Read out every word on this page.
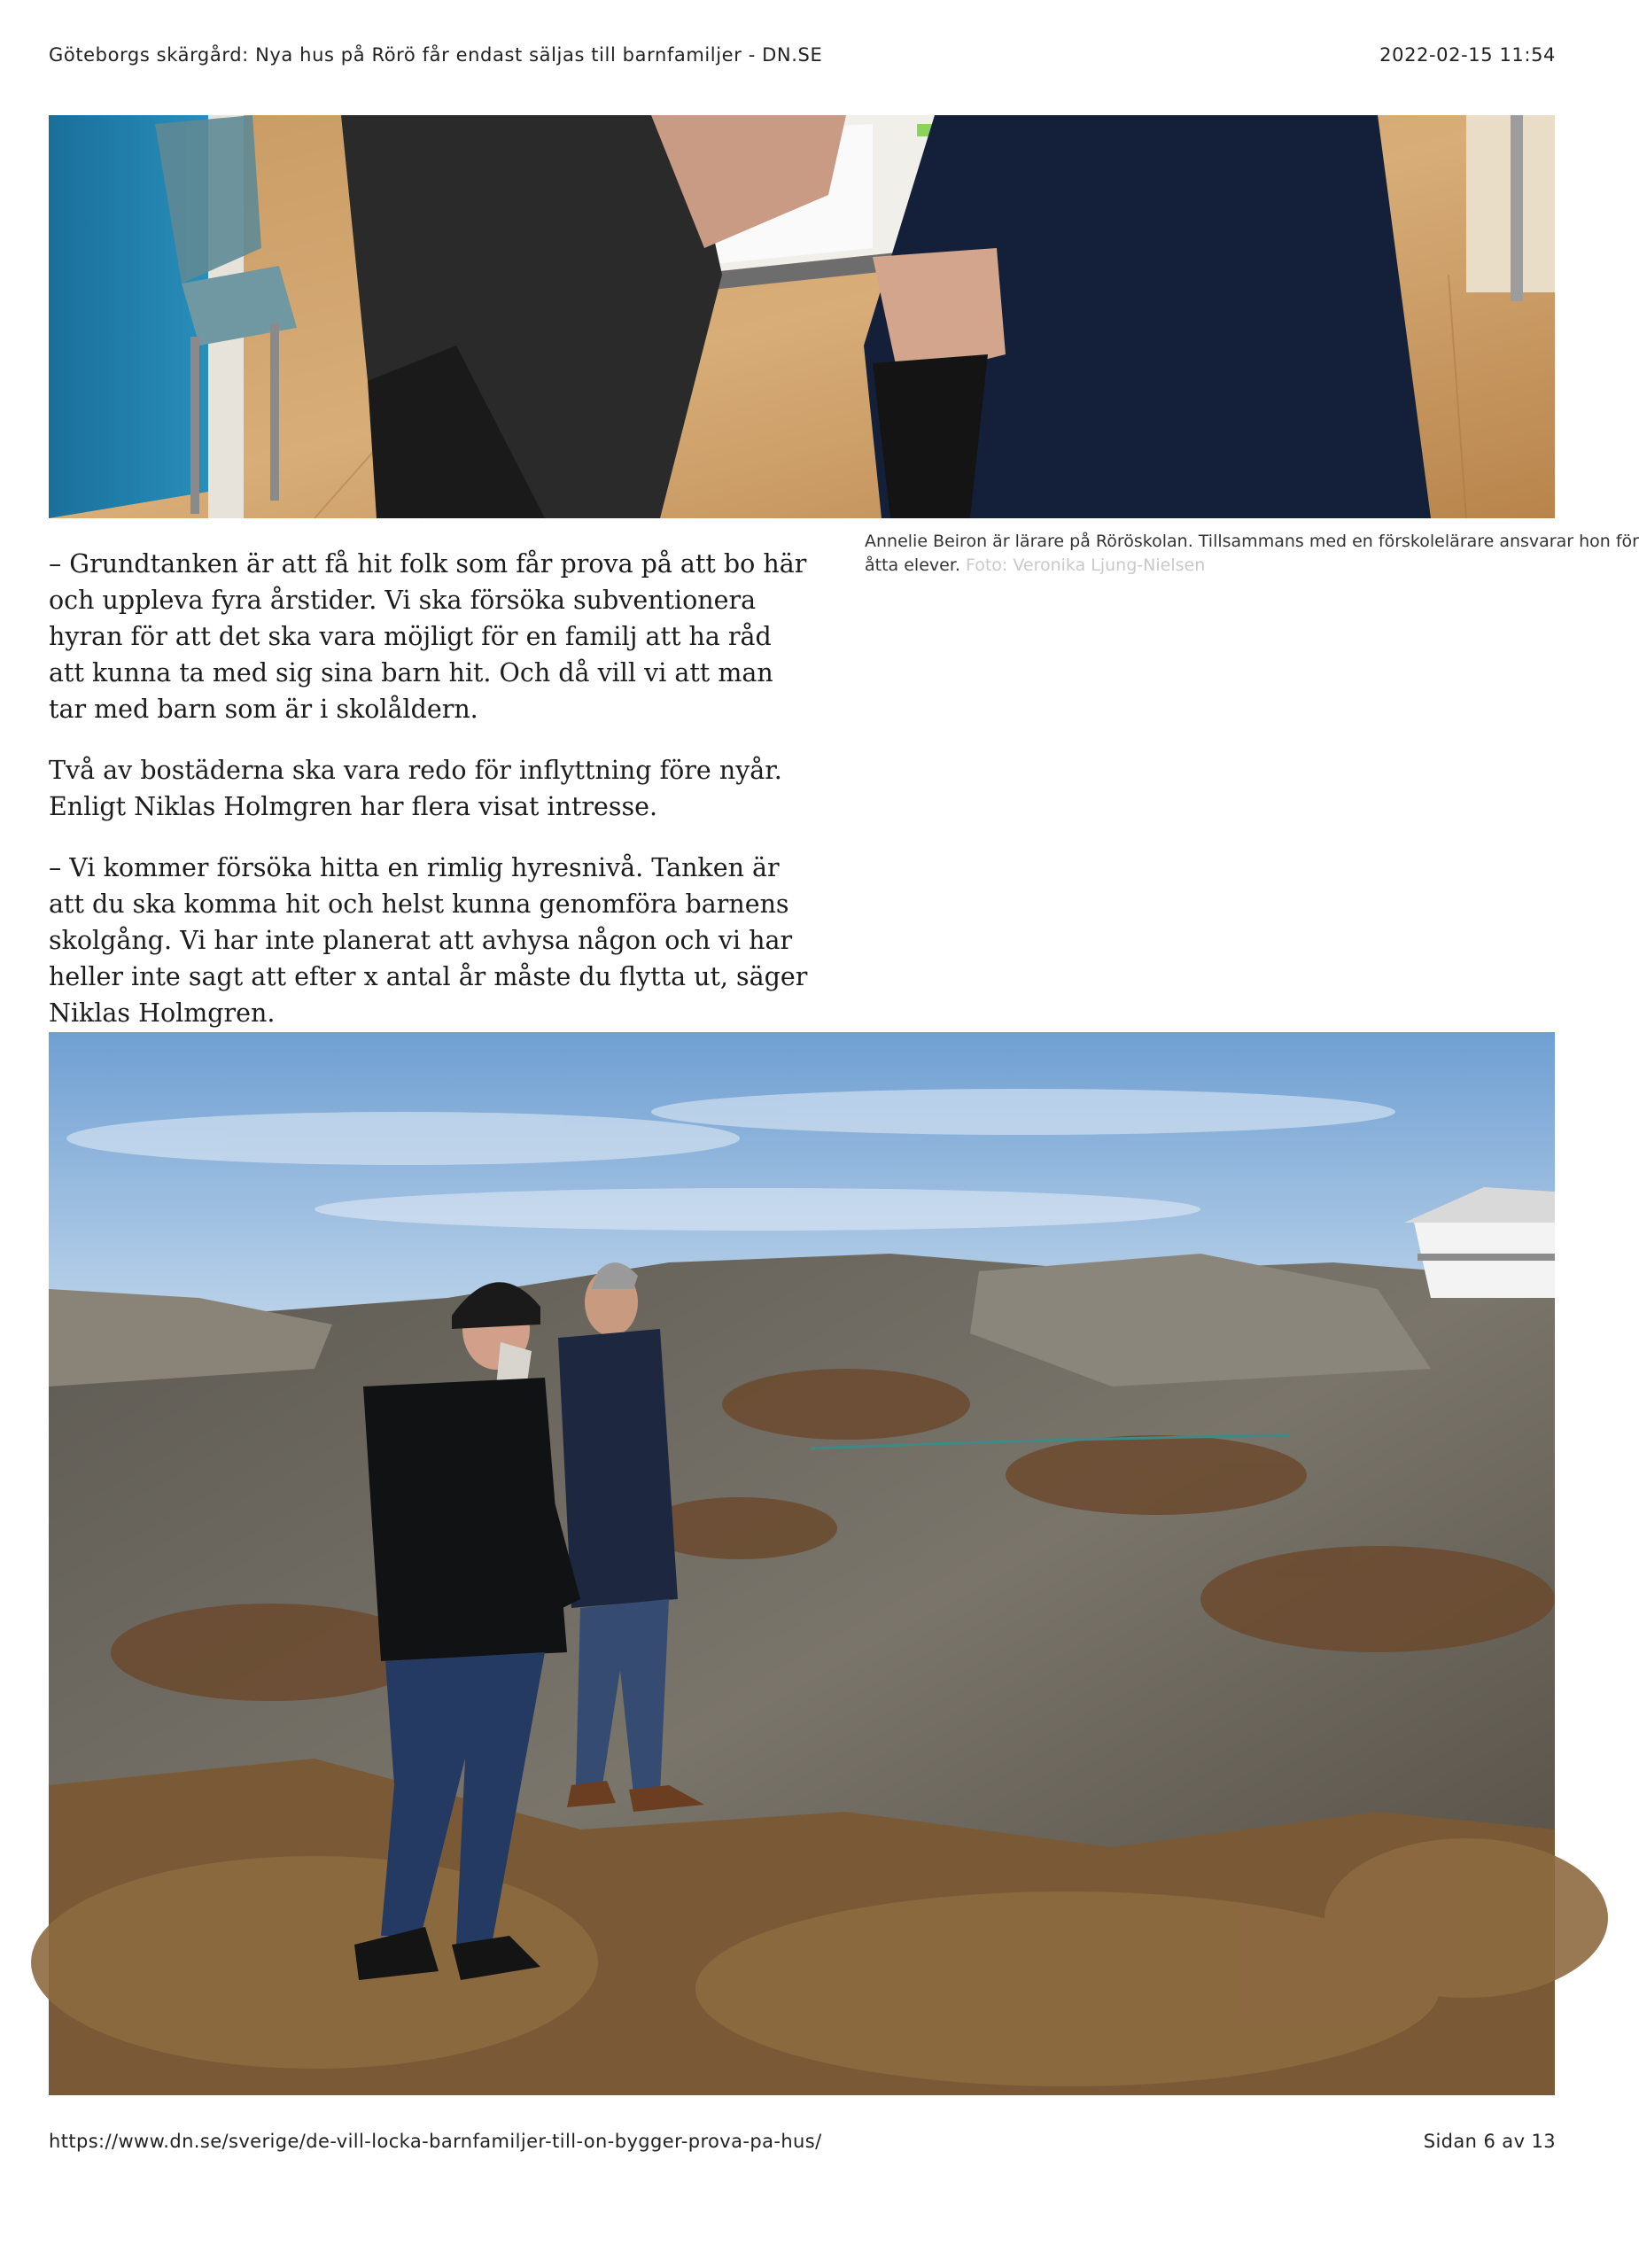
Göteborgs skärgård: Nya hus på Rörö får endast säljas till barnfamiljer - DN.SE	2022-02-15 11:54
Annelie Beiron är lärare på Röröskolan. Tillsammans med en förskolelärare ansvarar hon för
åtta elever. Foto: Veronika Ljung-Nielsen

– Grundtanken är att få hit folk som får prova på att bo här och uppleva fyra årstider. Vi ska försöka subventionera hyran för att det ska vara möjligt för en familj att ha råd att kunna ta med sig sina barn hit. Och då vill vi att man tar med barn som är i skolåldern.

Två av bostäderna ska vara redo för inflyttning före nyår. Enligt Niklas Holmgren har flera visat intresse.

– Vi kommer försöka hitta en rimlig hyresnivå. Tanken är att du ska komma hit och helst kunna genomföra barnens skolgång. Vi har inte planerat att avhysa någon och vi har heller inte sagt att efter x antal år måste du flytta ut, säger Niklas Holmgren.

https://www.dn.se/sverige/de-vill-locka-barnfamiljer-till-on-bygger-prova-pa-hus/	Sidan 6 av 13
